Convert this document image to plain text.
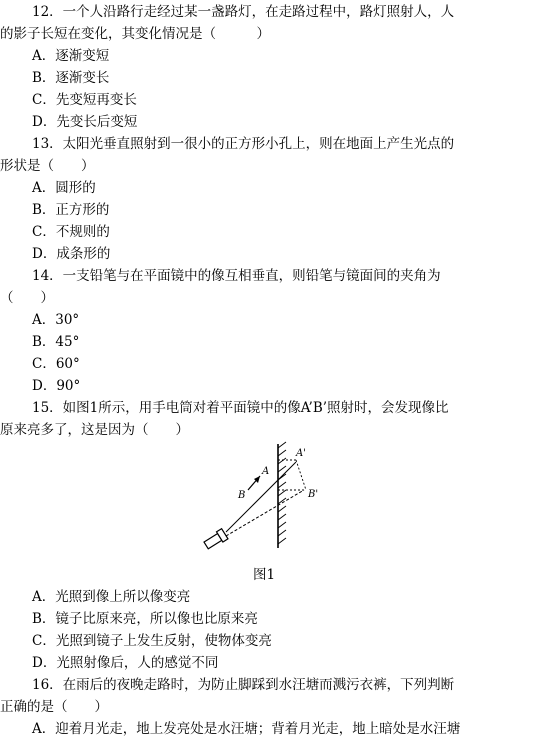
12．一个人沿路行走经过某一盏路灯，在走路过程中，路灯照射人，人
的影子长短在变化，其变化情况是（　　　）
A．逐渐变短
B．逐渐变长
C．先变短再变长
D．先变长后变短
13．太阳光垂直照射到一很小的正方形小孔上，则在地面上产生光点的
形状是（　　）
A．圆形的
B．正方形的
C．不规则的
D．成条形的
14．一支铅笔与在平面镜中的像互相垂直，则铅笔与镜面间的夹角为
（　　）
A．30°
B．45°
C．60°
D．90°
15．如图1所示，用手电筒对着平面镜中的像A’B’照射时，会发现像比
原来亮多了，这是因为（　　）
A
B
A'
B'
图1
A．光照到像上所以像变亮
B．镜子比原来亮，所以像也比原来亮
C．光照到镜子上发生反射，使物体变亮
D．光照射像后，人的感觉不同
16．在雨后的夜晚走路时，为防止脚踩到水汪塘而溅污衣裤，下列判断
正确的是（　　）
A．迎着月光走，地上发亮处是水汪塘；背着月光走，地上暗处是水汪塘
